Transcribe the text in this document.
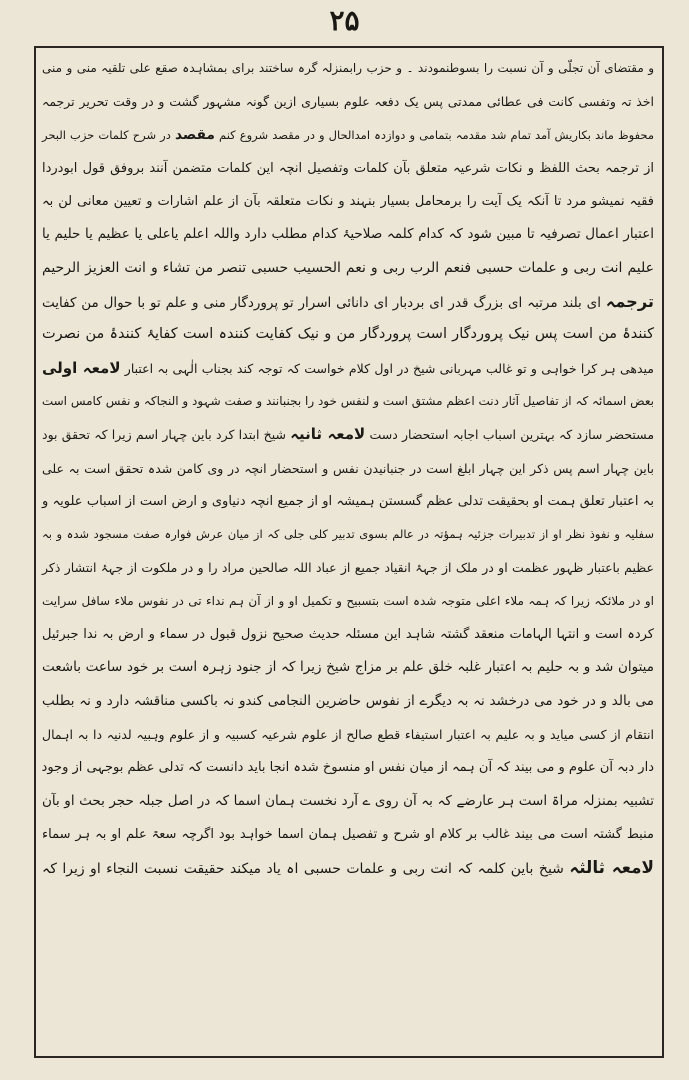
۲۵
و مقتضای آن تجلّی و آن نسبت را بسوطنمودند ۔ و حزب رابمنزلہ گرہ ساختند برای بمشاہدہ صقع علی تلقیہ منی و منی
اخذ تہ وتفسی کانت فی عطائی ممدتی پس یک دفعہ علوم بسیاری ازین گونہ مشہور گشت و در وقت تحریر ترجمہ
محفوظ ماند بکاریش آمد تمام شد مقدمہ بتمامی و دوازدہ امدالحال و در مقصد شروع کنم مقصد در شرح کلمات حزب البحر
از ترجمہ بحث اللفظ و نکات شرعیہ متعلق بآن کلمات وتفصیل انچہ این کلمات متضمن آنند بروفق قول ابودردا
فقیہ نمیشو مرد تا آنکہ یک آیت را برمحامل بسیار بنہند و نکات متعلقہ بآن از علم اشارات و تعیین معانی لن بہ
اعتبار اعمال تصرفیہ تا مبین شود کہ کدام کلمہ صلاحیۂ کدام مطلب دارد واللہ اعلم یاعلی یا عظیم یا حلیم یا
علیم انت ربی و علمات حسبی فنعم الرب ربی و نعم الحسیب حسبی تنصر من تشاء و انت العزیز الرحیم
ترجمہ ای بلند مرتبہ ای بزرگ قدر ای بردبار ای دانائی اسرار تو پروردگار منی و علم تو با حوال من کفایت
کنندۂ من است پس نیک پروردگار است پروردگار من و نیک کفایت کنندہ است کفایۂ کنندۂ من نصرت
میدھی ہر کرا خواہی و تو غالب مہربانی شیخ در اول کلام خواست کہ توجہ کند بجناب الٰہی بہ اعتبار لامعہ اولی
بعض اسمائہ کہ از تفاصیل آثار دنت اعظم مشتق است و لنفس خود را بجنبانند و صفت شہود و النجاکہ و نفس کامس است
مستحضر سازد کہ بہترین اسباب اجابہ استحضار دست لامعہ ثانیہ شیخ ابتدا کرد باین چہار اسم زیرا کہ تحقق بود
باین چہار اسم پس ذکر این چہار ابلغ است در جنبانیدن نفس و استحضار انچہ در وی کامن شدہ تحقق است بہ علی
بہ اعتبار تعلق ہمت او بحقیقت تدلی عظم گسستن ہمیشہ او از جمیع انچہ دنیاوی و ارض است از اسباب علویہ و
سفلیہ و نفوذ نظر او از تدبیرات جزئیہ ہمؤتہ در عالم بسوی تدبیر کلی جلی کہ از میان عرش فوارہ صفت مسجود شدہ و بہ
عظیم باعتبار ظہور عظمت او در ملک از جہۂ انقیاد جمیع از عباد اللہ صالحین مراد را و در ملکوت از جہۂ انتشار ذکر
او در ملائکہ زیرا کہ ہمہ ملاء اعلی متوجہ شدہ است بتسبیح و تکمیل او و از آن ہم نداء تی در نفوس ملاء سافل سرایت
کردہ است و انتہا الہامات منعقد گشتہ شاہد این مسئلہ حدیث صحیح نزول قبول در سماء و ارض بہ ندا جبرئیل
میتوان شد و بہ حلیم بہ اعتبار غلبہ خلق علم بر مزاج شیخ زیرا کہ از جنود زہرہ است بر خود ساعت باشعت
می بالد و در خود می درخشد نہ بہ دیگرے از نفوس حاضرین النجامی کندو نہ باکسی مناقشہ دارد و نہ بطلب
انتقام از کسی میاید و بہ علیم بہ اعتبار استیفاء قطع صالح از علوم شرعیہ کسبیہ و از علوم وہبیہ لدنیہ دا بہ اہمال
دار دبہ آن علوم و می بیند کہ آن ہمہ از میان نفس او منسوخ شدہ انجا باید دانست کہ تدلی عظم بوجہی از وجود
تشبیہ بمنزلہ مراۃ است ہر عارضے کہ بہ آن روی ے آرد نخست ہمان اسما کہ در اصل جبلہ حجر بحث او بآن
منبط گشتہ است می بیند غالب بر کلام او شرح و تفصیل ہمان اسما خواہد بود اگرچہ سعۃ علم او بہ ہر سماء
لامعہ ثالثہ شیخ باین کلمہ کہ انت ربی و علمات حسبی اہ یاد میکند حقیقت نسبت النجاء او زیرا کہ
